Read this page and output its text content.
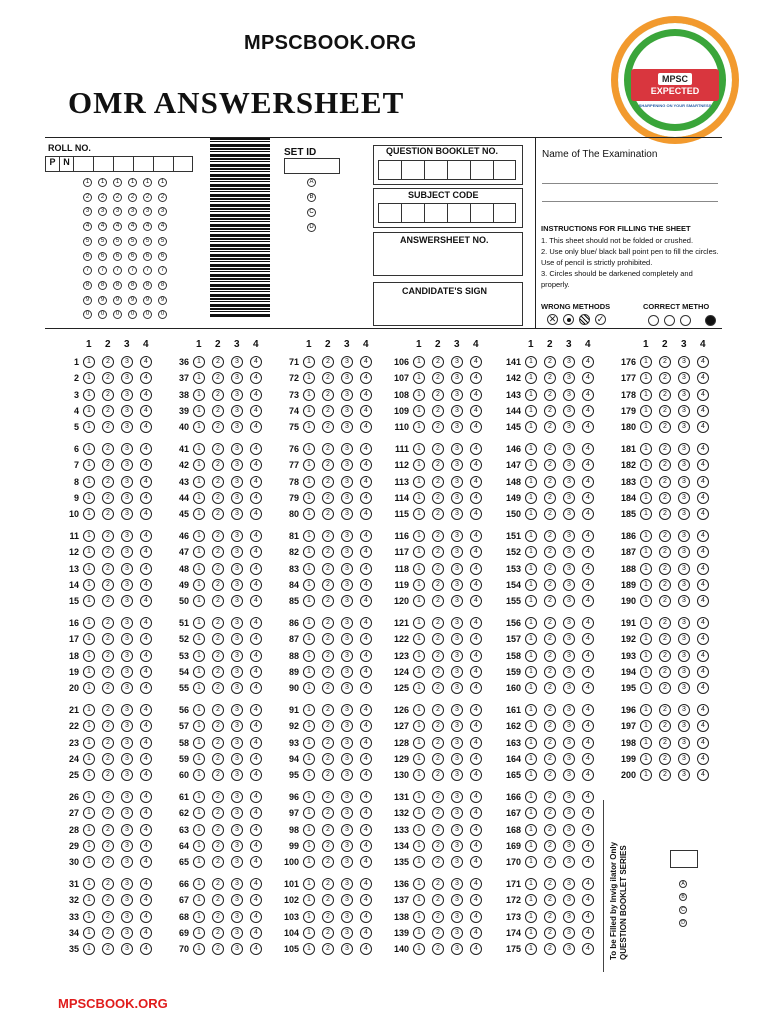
MPSCBOOK.ORG
OMR ANSWERSHEET
MPSC
EXPECTED
SHARPENING ON YOUR SMARTNESS
ROLL NO.
P N
1
2
3
4
5
6
7
8
9
0
1
2
3
4
5
6
7
8
9
0
1
2
3
4
5
6
7
8
9
0
1
2
3
4
5
6
7
8
9
0
1
2
3
4
5
6
7
8
9
0
1
2
3
4
5
6
7
8
9
0
SET ID
A
B
C
D
QUESTION BOOKLET NO.
SUBJECT CODE
ANSWERSHEET NO.
CANDIDATE'S SIGN
Name of The Examination
INSTRUCTIONS FOR FILLING THE SHEET
1. This sheet should not be folded or crushed.
2. Use only blue/ black ball point pen to fill the circles. Use of pencil is strictly prohibited.
3. Circles should be darkened completely and properly.
WRONG METHODS	CORRECT METHO
✕	✓
1 2 3 4	1 2 3 4	1 2 3 4	1 2 3 4	1 2 3 4	1 2 3 4
1	1	2	3	4
2	1	2	3	4
3	1	2	3	4
4	1	2	3	4
5	1	2	3	4
6	1	2	3	4
7	1	2	3	4
8	1	2	3	4
9	1	2	3	4
10	1	2	3	4
11	1	2	3	4
12	1	2	3	4
13	1	2	3	4
14	1	2	3	4
15	1	2	3	4
16	1	2	3	4
17	1	2	3	4
18	1	2	3	4
19	1	2	3	4
20	1	2	3	4
21	1	2	3	4
22	1	2	3	4
23	1	2	3	4
24	1	2	3	4
25	1	2	3	4
26	1	2	3	4
27	1	2	3	4
28	1	2	3	4
29	1	2	3	4
30	1	2	3	4
31	1	2	3	4
32	1	2	3	4
33	1	2	3	4
34	1	2	3	4
35	1	2	3	4
36	1	2	3	4
37	1	2	3	4
38	1	2	3	4
39	1	2	3	4
40	1	2	3	4
41	1	2	3	4
42	1	2	3	4
43	1	2	3	4
44	1	2	3	4
45	1	2	3	4
46	1	2	3	4
47	1	2	3	4
48	1	2	3	4
49	1	2	3	4
50	1	2	3	4
51	1	2	3	4
52	1	2	3	4
53	1	2	3	4
54	1	2	3	4
55	1	2	3	4
56	1	2	3	4
57	1	2	3	4
58	1	2	3	4
59	1	2	3	4
60	1	2	3	4
61	1	2	3	4
62	1	2	3	4
63	1	2	3	4
64	1	2	3	4
65	1	2	3	4
66	1	2	3	4
67	1	2	3	4
68	1	2	3	4
69	1	2	3	4
70	1	2	3	4
71	1	2	3	4
72	1	2	3	4
73	1	2	3	4
74	1	2	3	4
75	1	2	3	4
76	1	2	3	4
77	1	2	3	4
78	1	2	3	4
79	1	2	3	4
80	1	2	3	4
81	1	2	3	4
82	1	2	3	4
83	1	2	3	4
84	1	2	3	4
85	1	2	3	4
86	1	2	3	4
87	1	2	3	4
88	1	2	3	4
89	1	2	3	4
90	1	2	3	4
91	1	2	3	4
92	1	2	3	4
93	1	2	3	4
94	1	2	3	4
95	1	2	3	4
96	1	2	3	4
97	1	2	3	4
98	1	2	3	4
99	1	2	3	4
100	1	2	3	4
101	1	2	3	4
102	1	2	3	4
103	1	2	3	4
104	1	2	3	4
105	1	2	3	4
106	1	2	3	4
107	1	2	3	4
108	1	2	3	4
109	1	2	3	4
110	1	2	3	4
111	1	2	3	4
112	1	2	3	4
113	1	2	3	4
114	1	2	3	4
115	1	2	3	4
116	1	2	3	4
117	1	2	3	4
118	1	2	3	4
119	1	2	3	4
120	1	2	3	4
121	1	2	3	4
122	1	2	3	4
123	1	2	3	4
124	1	2	3	4
125	1	2	3	4
126	1	2	3	4
127	1	2	3	4
128	1	2	3	4
129	1	2	3	4
130	1	2	3	4
131	1	2	3	4
132	1	2	3	4
133	1	2	3	4
134	1	2	3	4
135	1	2	3	4
136	1	2	3	4
137	1	2	3	4
138	1	2	3	4
139	1	2	3	4
140	1	2	3	4
141	1	2	3	4
142	1	2	3	4
143	1	2	3	4
144	1	2	3	4
145	1	2	3	4
146	1	2	3	4
147	1	2	3	4
148	1	2	3	4
149	1	2	3	4
150	1	2	3	4
151	1	2	3	4
152	1	2	3	4
153	1	2	3	4
154	1	2	3	4
155	1	2	3	4
156	1	2	3	4
157	1	2	3	4
158	1	2	3	4
159	1	2	3	4
160	1	2	3	4
161	1	2	3	4
162	1	2	3	4
163	1	2	3	4
164	1	2	3	4
165	1	2	3	4
166	1	2	3	4
167	1	2	3	4
168	1	2	3	4
169	1	2	3	4
170	1	2	3	4
171	1	2	3	4
172	1	2	3	4
173	1	2	3	4
174	1	2	3	4
175	1	2	3	4
176	1	2	3	4
177	1	2	3	4
178	1	2	3	4
179	1	2	3	4
180	1	2	3	4
181	1	2	3	4
182	1	2	3	4
183	1	2	3	4
184	1	2	3	4
185	1	2	3	4
186	1	2	3	4
187	1	2	3	4
188	1	2	3	4
189	1	2	3	4
190	1	2	3	4
191	1	2	3	4
192	1	2	3	4
193	1	2	3	4
194	1	2	3	4
195	1	2	3	4
196	1	2	3	4
197	1	2	3	4
198	1	2	3	4
199	1	2	3	4
200	1	2	3	4
To be Filled by Invig ilator Only
QUESTION BOOKLET SERIES	A
B
C
D
MPSCBOOK.ORG
